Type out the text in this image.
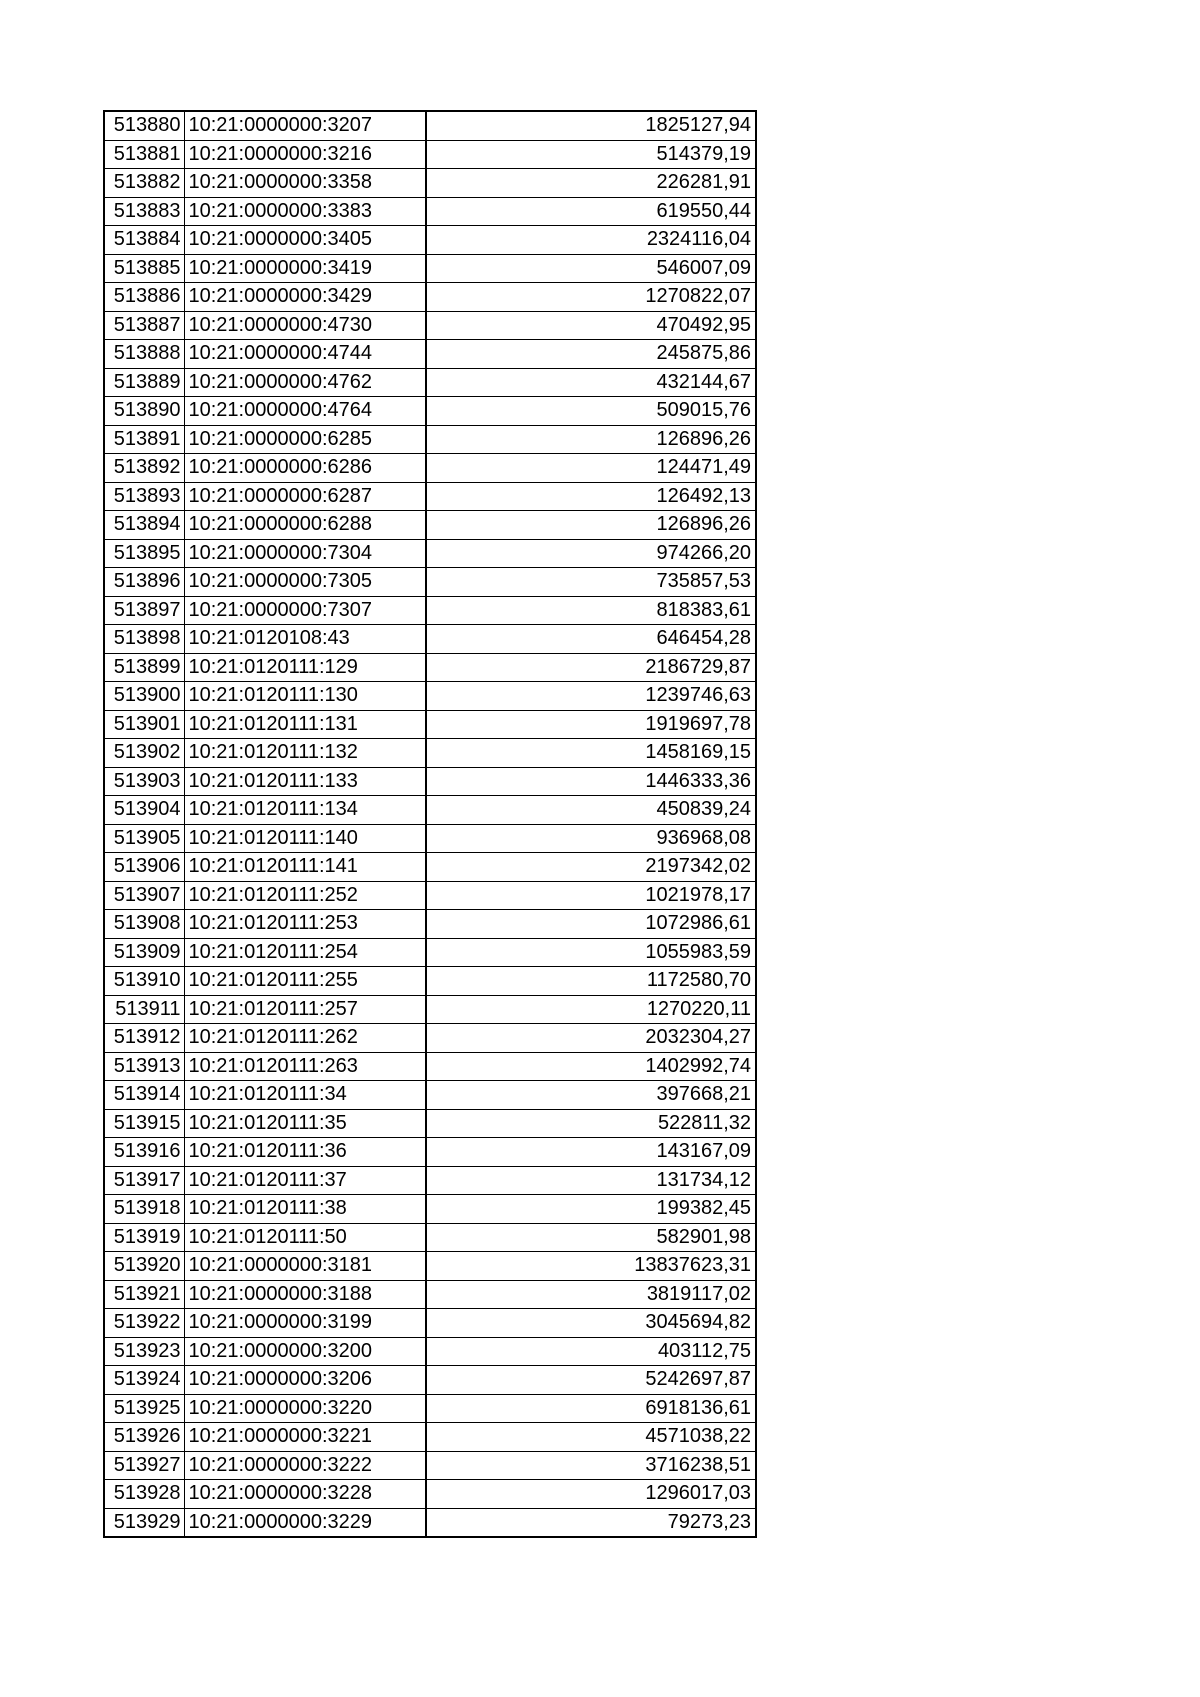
513880	10:21:0000000:3207	1825127,94
513881	10:21:0000000:3216	514379,19
513882	10:21:0000000:3358	226281,91
513883	10:21:0000000:3383	619550,44
513884	10:21:0000000:3405	2324116,04
513885	10:21:0000000:3419	546007,09
513886	10:21:0000000:3429	1270822,07
513887	10:21:0000000:4730	470492,95
513888	10:21:0000000:4744	245875,86
513889	10:21:0000000:4762	432144,67
513890	10:21:0000000:4764	509015,76
513891	10:21:0000000:6285	126896,26
513892	10:21:0000000:6286	124471,49
513893	10:21:0000000:6287	126492,13
513894	10:21:0000000:6288	126896,26
513895	10:21:0000000:7304	974266,20
513896	10:21:0000000:7305	735857,53
513897	10:21:0000000:7307	818383,61
513898	10:21:0120108:43	646454,28
513899	10:21:0120111:129	2186729,87
513900	10:21:0120111:130	1239746,63
513901	10:21:0120111:131	1919697,78
513902	10:21:0120111:132	1458169,15
513903	10:21:0120111:133	1446333,36
513904	10:21:0120111:134	450839,24
513905	10:21:0120111:140	936968,08
513906	10:21:0120111:141	2197342,02
513907	10:21:0120111:252	1021978,17
513908	10:21:0120111:253	1072986,61
513909	10:21:0120111:254	1055983,59
513910	10:21:0120111:255	1172580,70
513911	10:21:0120111:257	1270220,11
513912	10:21:0120111:262	2032304,27
513913	10:21:0120111:263	1402992,74
513914	10:21:0120111:34	397668,21
513915	10:21:0120111:35	522811,32
513916	10:21:0120111:36	143167,09
513917	10:21:0120111:37	131734,12
513918	10:21:0120111:38	199382,45
513919	10:21:0120111:50	582901,98
513920	10:21:0000000:3181	13837623,31
513921	10:21:0000000:3188	3819117,02
513922	10:21:0000000:3199	3045694,82
513923	10:21:0000000:3200	403112,75
513924	10:21:0000000:3206	5242697,87
513925	10:21:0000000:3220	6918136,61
513926	10:21:0000000:3221	4571038,22
513927	10:21:0000000:3222	3716238,51
513928	10:21:0000000:3228	1296017,03
513929	10:21:0000000:3229	79273,23
